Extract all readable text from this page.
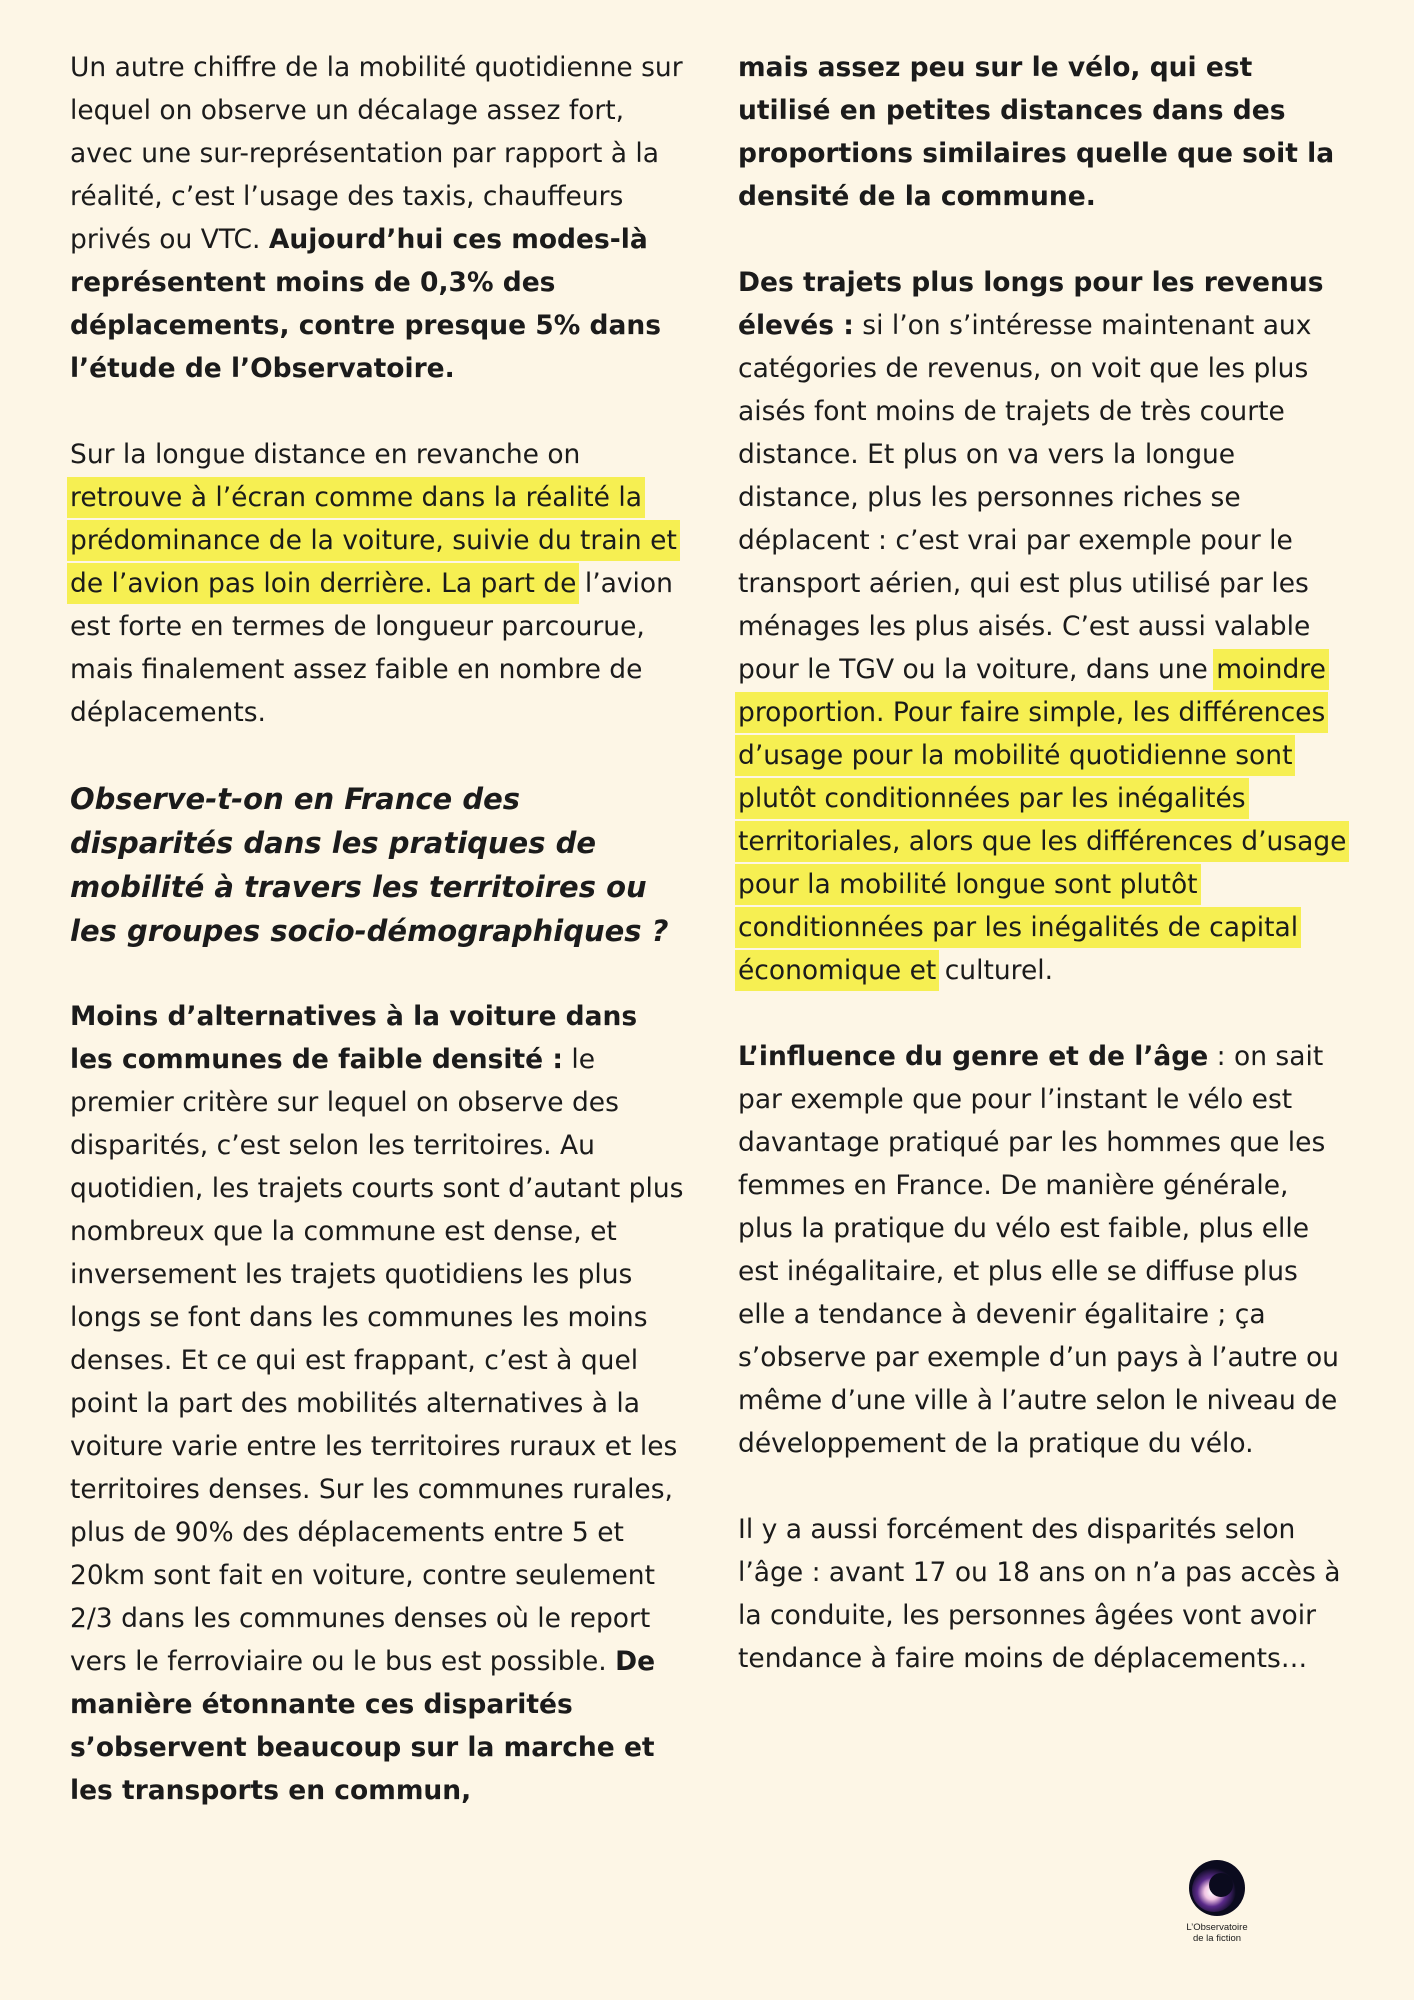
Un autre chiffre de la mobilité quotidienne sur lequel on observe un décalage assez fort, avec une sur-représentation par rapport à la réalité, c’est l’usage des taxis, chauffeurs privés ou VTC. Aujourd’hui ces modes-là représentent moins de 0,3% des déplacements, contre presque 5% dans l’étude de l’Observatoire.

Sur la longue distance en revanche on retrouve à l’écran comme dans la réalité la prédominance de la voiture, suivie du train et de l’avion pas loin derrière. La part de l’avion est forte en termes de longueur parcourue, mais finalement assez faible en nombre de déplacements.

Observe-t-on en France des disparités dans les pratiques de mobilité à travers les territoires ou les groupes socio-démographiques ?

Moins d’alternatives à la voiture dans les communes de faible densité : le premier critère sur lequel on observe des disparités, c’est selon les territoires. Au quotidien, les trajets courts sont d’autant plus nombreux que la commune est dense, et inversement les trajets quotidiens les plus longs se font dans les communes les moins denses. Et ce qui est frappant, c’est à quel point la part des mobilités alternatives à la voiture varie entre les territoires ruraux et les territoires denses. Sur les communes rurales, plus de 90% des déplacements entre 5 et 20km sont fait en voiture, contre seulement 2/3 dans les communes denses où le report vers le ferroviaire ou le bus est possible. De manière étonnante ces disparités s’observent beaucoup sur la marche et les transports en commun,

mais assez peu sur le vélo, qui est utilisé en petites distances dans des proportions similaires quelle que soit la densité de la commune.

Des trajets plus longs pour les revenus élevés : si l’on s’intéresse maintenant aux catégories de revenus, on voit que les plus aisés font moins de trajets de très courte distance. Et plus on va vers la longue distance, plus les personnes riches se déplacent : c’est vrai par exemple pour le transport aérien, qui est plus utilisé par les ménages les plus aisés. C’est aussi valable pour le TGV ou la voiture, dans une moindre proportion. Pour faire simple, les différences d’usage pour la mobilité quotidienne sont plutôt conditionnées par les inégalités territoriales, alors que les différences d’usage pour la mobilité longue sont plutôt conditionnées par les inégalités de capital économique et culturel.

L’influence du genre et de l’âge : on sait par exemple que pour l’instant le vélo est davantage pratiqué par les hommes que les femmes en France. De manière générale, plus la pratique du vélo est faible, plus elle est inégalitaire, et plus elle se diffuse plus elle a tendance à devenir égalitaire ; ça s’observe par exemple d’un pays à l’autre ou même d’une ville à l’autre selon le niveau de développement de la pratique du vélo.

Il y a aussi forcément des disparités selon l’âge : avant 17 ou 18 ans on n’a pas accès à la conduite, les personnes âgées vont avoir tendance à faire moins de déplacements…

L’Observatoire
de la fiction
